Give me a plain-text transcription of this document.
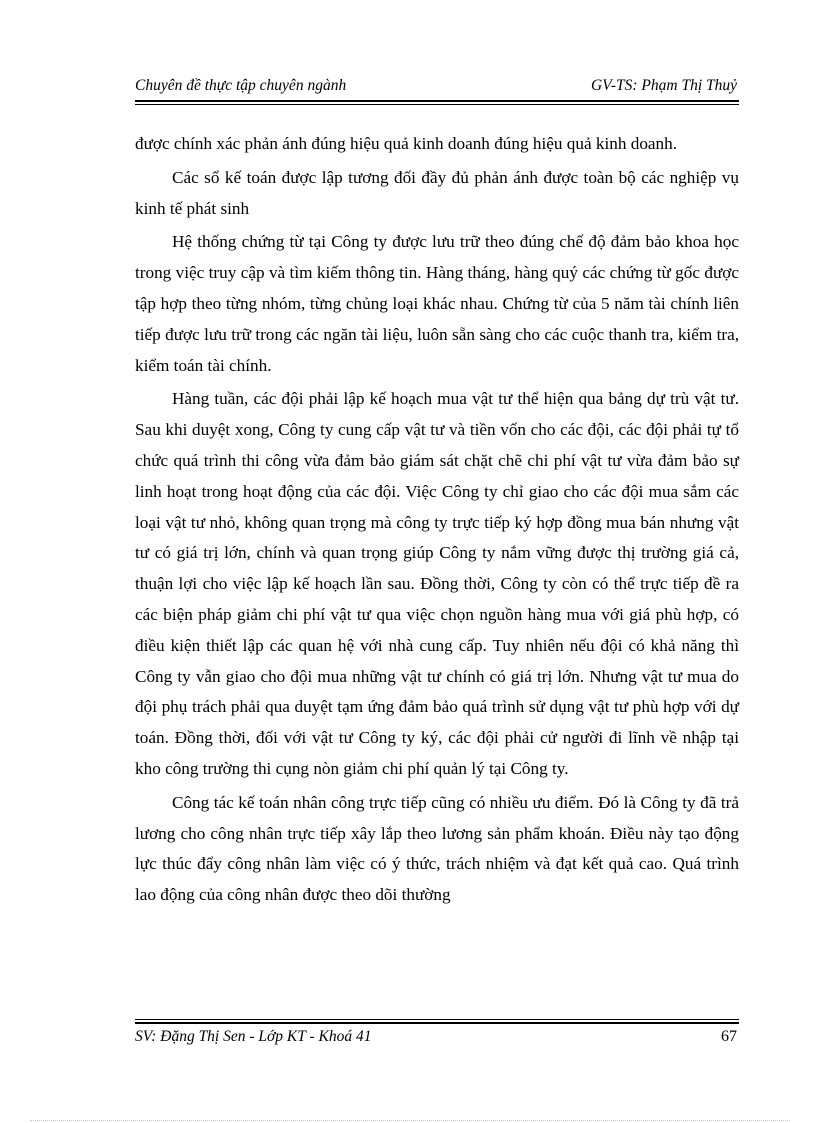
Chuyên đề thực tập chuyên ngành	GV-TS: Phạm Thị Thuỷ

được chính xác phản ánh đúng hiệu quả kinh doanh đúng hiệu quả kinh doanh.

Các sổ kế toán được lập tương đối đầy đủ phản ánh được toàn bộ các nghiệp vụ kinh tế phát sinh

Hệ thống chứng từ tại Công ty được lưu trữ theo đúng chế độ đảm bảo khoa học trong việc truy cập và tìm kiếm thông tin. Hàng tháng, hàng quý các chứng từ gốc được tập hợp theo từng nhóm, từng chủng loại khác nhau. Chứng từ của 5 năm tài chính liên tiếp được lưu trữ trong các ngăn tài liệu, luôn sẵn sàng cho các cuộc thanh tra, kiểm tra, kiểm toán tài chính.

Hàng tuần, các đội phải lập kế hoạch mua vật tư thể hiện qua bảng dự trù vật tư. Sau khi duyệt xong, Công ty cung cấp vật tư và tiền vốn cho các đội, các đội phải tự tổ chức quá trình thi công vừa đảm bảo giám sát chặt chẽ chi phí vật tư vừa đảm bảo sự linh hoạt trong hoạt động của các đội. Việc Công ty chỉ giao cho các đội mua sắm các loại vật tư nhỏ, không quan trọng mà công ty trực tiếp ký hợp đồng mua bán nhưng vật tư có giá trị lớn, chính và quan trọng giúp Công ty nắm vững được thị trường giá cả, thuận lợi cho việc lập kế hoạch lần sau. Đồng thời, Công ty còn có thể trực tiếp đề ra các biện pháp giảm chi phí vật tư qua việc chọn nguồn hàng mua với giá phù hợp, có điều kiện thiết lập các quan hệ với nhà cung cấp. Tuy nhiên nếu đội có khả năng thì Công ty vẫn giao cho đội mua những vật tư chính có giá trị lớn. Nhưng vật tư mua do đội phụ trách phải qua duyệt tạm ứng đảm bảo quá trình sử dụng vật tư phù hợp với dự toán. Đồng thời, đối với vật tư Công ty ký, các đội phải cử người đi lĩnh về nhập tại kho công trường thi cụng nòn giảm chi phí quản lý tại Công ty.

Công tác kế toán nhân công trực tiếp cũng có nhiều ưu điểm. Đó là Công ty đã trả lương cho công nhân trực tiếp xây lắp theo lương sản phẩm khoán. Điều này tạo động lực thúc đẩy công nhân làm việc có ý thức, trách nhiệm và đạt kết quả cao. Quá trình lao động của công nhân được theo dõi thường

SV: Đặng Thị Sen - Lớp KT - Khoá 41	67
